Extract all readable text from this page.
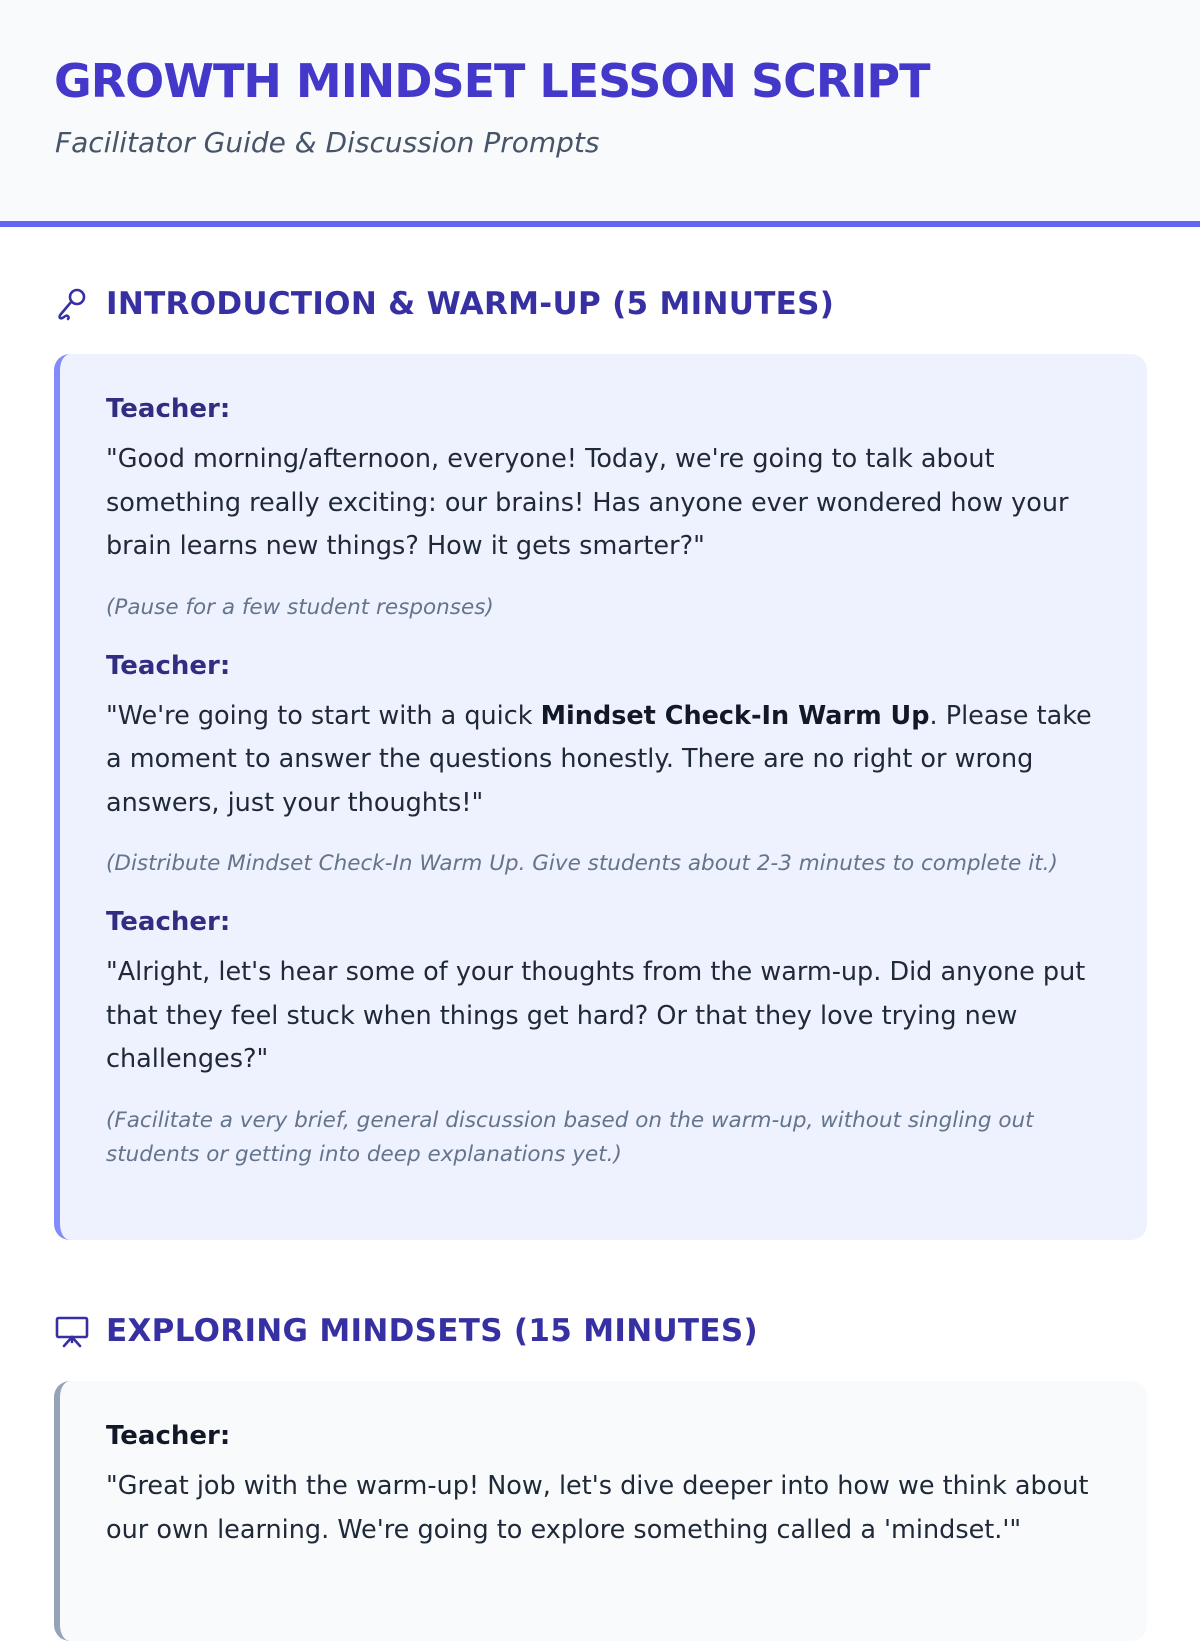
GROWTH MINDSET LESSON SCRIPT
Facilitator Guide & Discussion Prompts
INTRODUCTION & WARM-UP (5 MINUTES)
Teacher:

"Good morning/afternoon, everyone! Today, we're going to talk about something really exciting: our brains! Has anyone ever wondered how your brain learns new things? How it gets smarter?"

(Pause for a few student responses)

Teacher:

"We're going to start with a quick Mindset Check-In Warm Up. Please take a moment to answer the questions honestly. There are no right or wrong answers, just your thoughts!"

(Distribute Mindset Check-In Warm Up. Give students about 2-3 minutes to complete it.)

Teacher:

"Alright, let's hear some of your thoughts from the warm-up. Did anyone put that they feel stuck when things get hard? Or that they love trying new challenges?"

(Facilitate a very brief, general discussion based on the warm-up, without singling out students or getting into deep explanations yet.)

EXPLORING MINDSETS (15 MINUTES)
Teacher:

"Great job with the warm-up! Now, let's dive deeper into how we think about our own learning. We're going to explore something called a 'mindset.'"
